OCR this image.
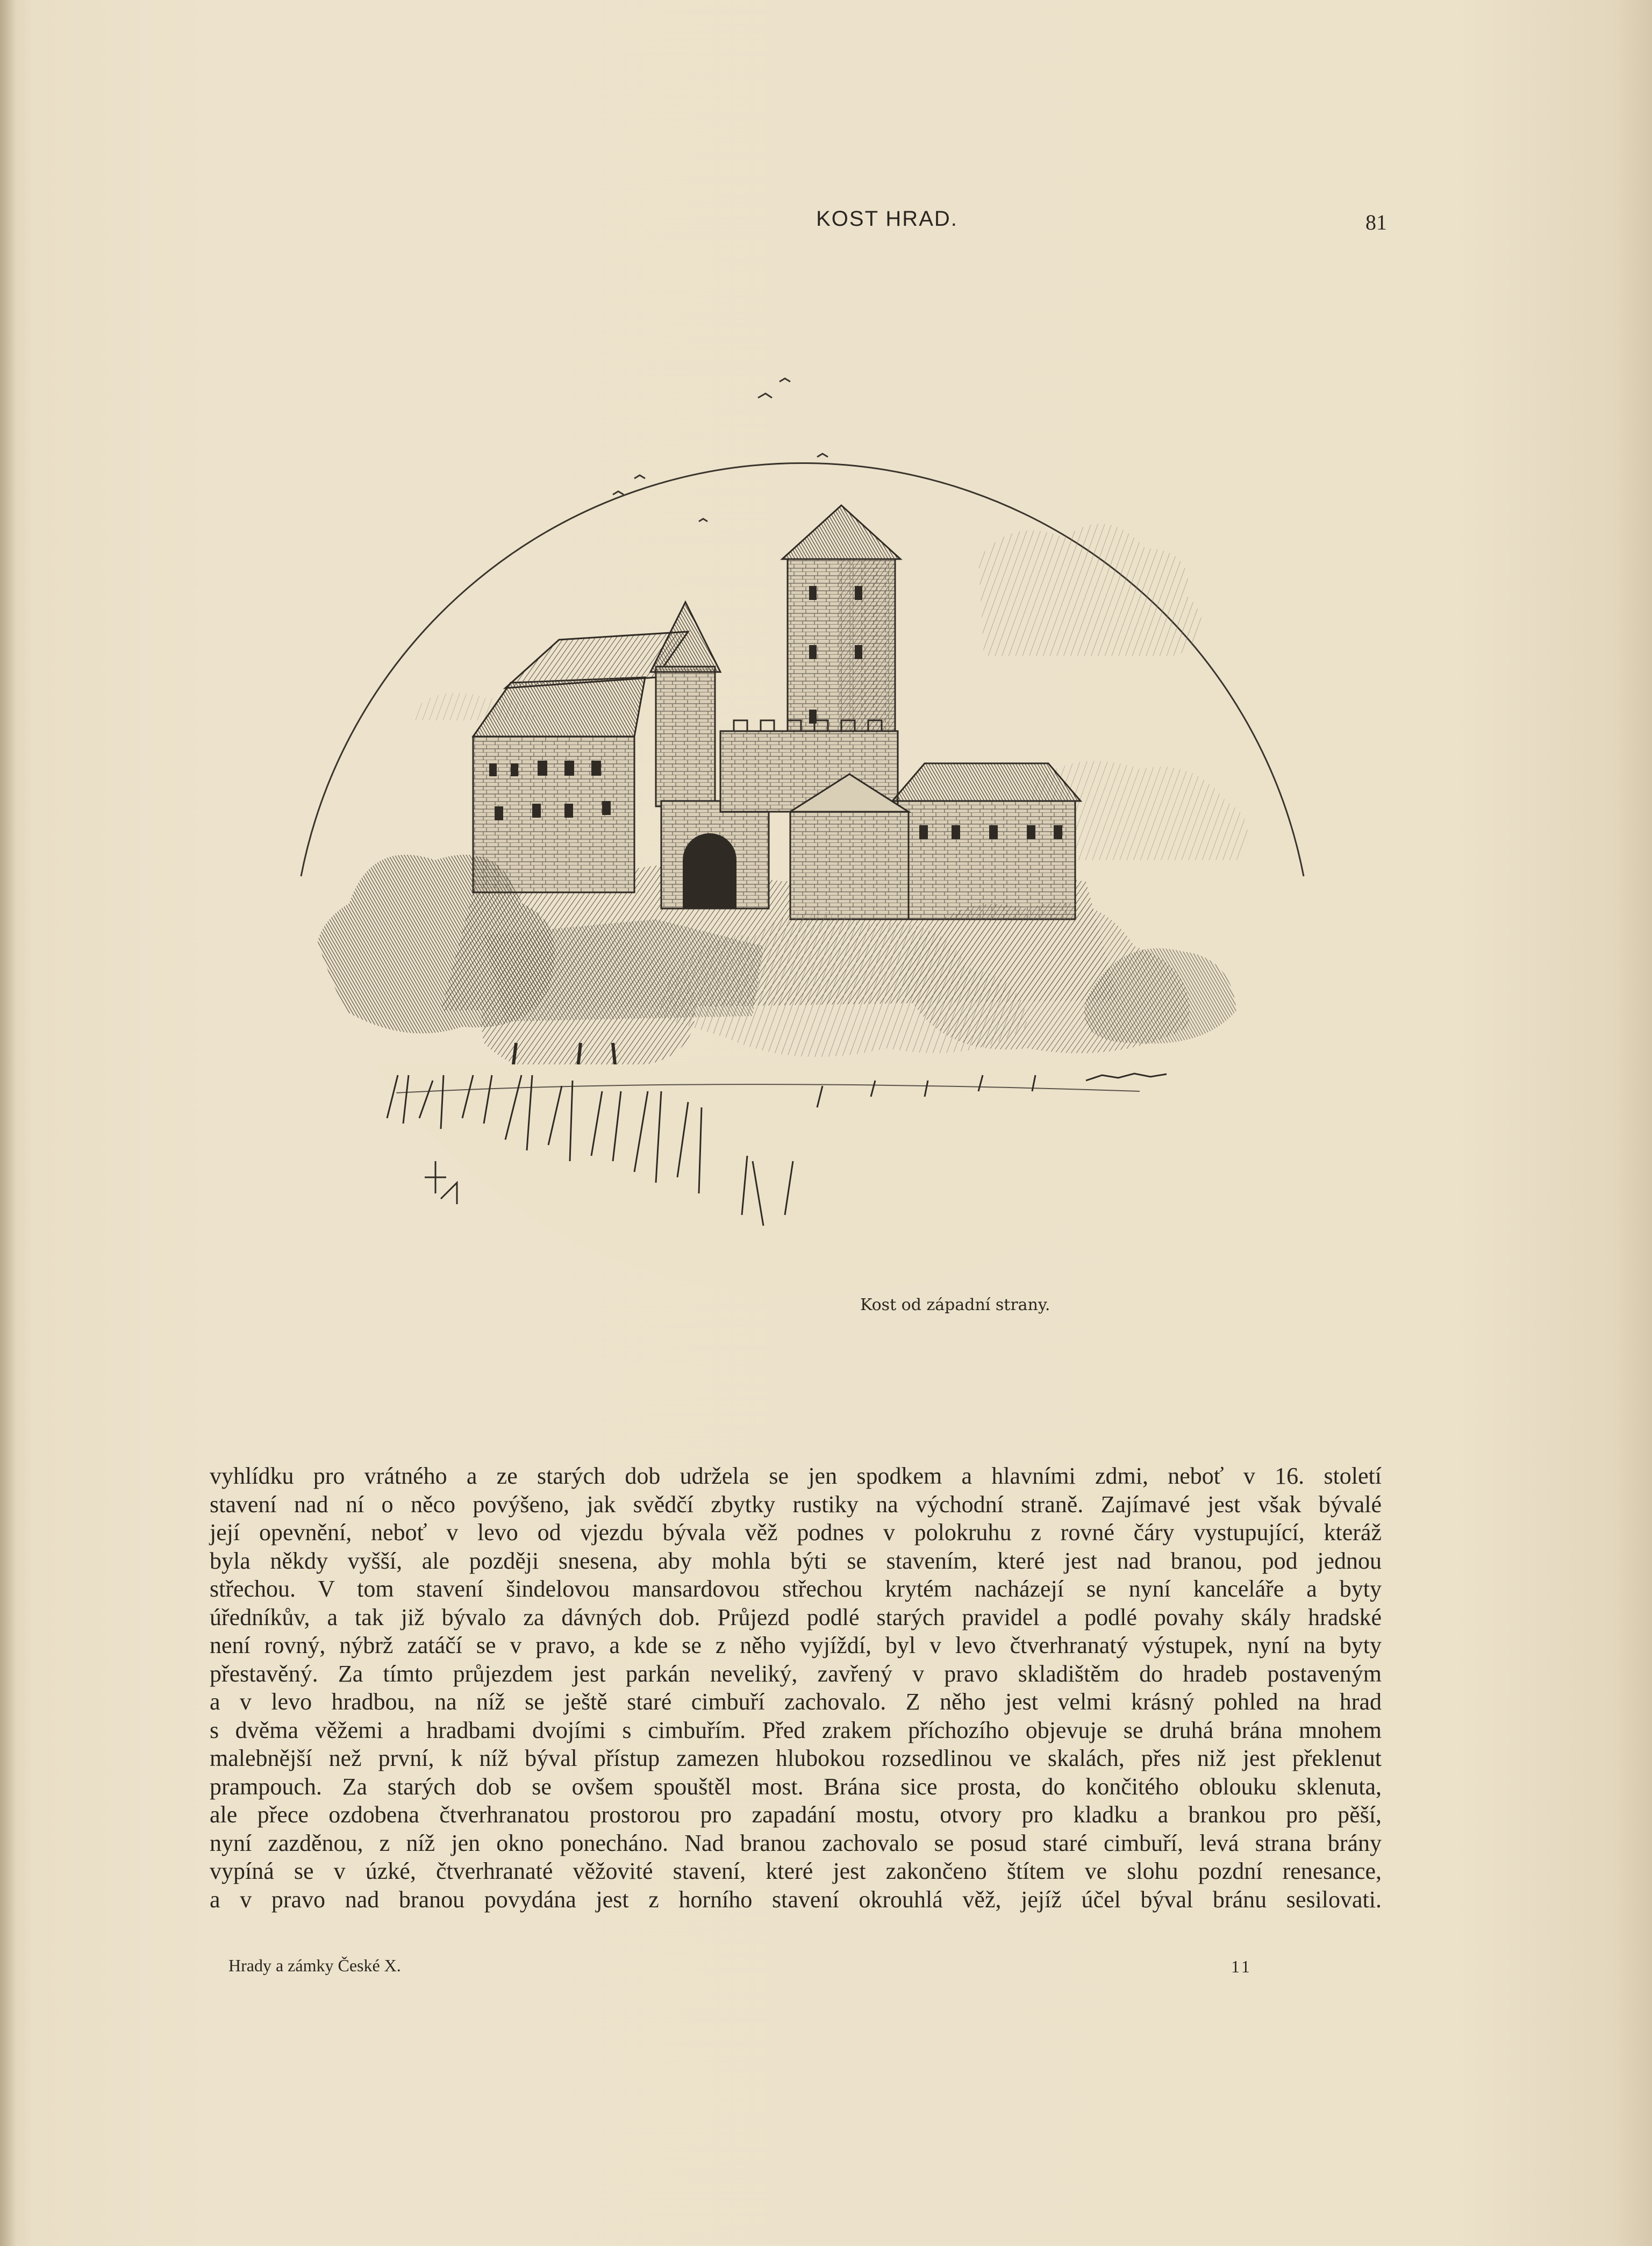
KOST HRAD.	81
Kost od západní strany.
vyhlídku pro vrátného a ze starých dob udržela se jen spodkem a hlavními zdmi, neboť v 16. století
stavení nad ní o něco povýšeno, jak svědčí zbytky rustiky na východní straně. Zajímavé jest však bývalé
její opevnění, neboť v levo od vjezdu bývala věž podnes v polokruhu z rovné čáry vystupující, kteráž
byla někdy vyšší, ale později snesena, aby mohla býti se stavením, které jest nad branou, pod jednou
střechou. V tom stavení šindelovou mansardovou střechou krytém nacházejí se nyní kanceláře a byty
úředníkův, a tak již bývalo za dávných dob. Průjezd podlé starých pravidel a podlé povahy skály hradské
není rovný, nýbrž zatáčí se v pravo, a kde se z něho vyjíždí, byl v levo čtverhranatý výstupek, nyní na byty
přestavěný. Za tímto průjezdem jest parkán neveliký, zavřený v pravo skladištěm do hradeb postaveným
a v levo hradbou, na níž se ještě staré cimbuří zachovalo. Z něho jest velmi krásný pohled na hrad
s dvěma věžemi a hradbami dvojími s cimbuřím. Před zrakem příchozího objevuje se druhá brána mnohem
malebnější než první, k níž býval přístup zamezen hlubokou rozsedlinou ve skalách, přes niž jest překlenut
prampouch. Za starých dob se ovšem spouštěl most. Brána sice prosta, do končitého oblouku sklenuta,
ale přece ozdobena čtverhranatou prostorou pro zapadání mostu, otvory pro kladku a brankou pro pěší,
nyní zazděnou, z níž jen okno ponecháno. Nad branou zachovalo se posud staré cimbuří, levá strana brány
vypíná se v úzké, čtverhranaté věžovité stavení, které jest zakončeno štítem ve slohu pozdní renesance,
a v pravo nad branou povydána jest z horního stavení okrouhlá věž, jejíž účel býval bránu sesilovati.
Hrady a zámky České X.	11
